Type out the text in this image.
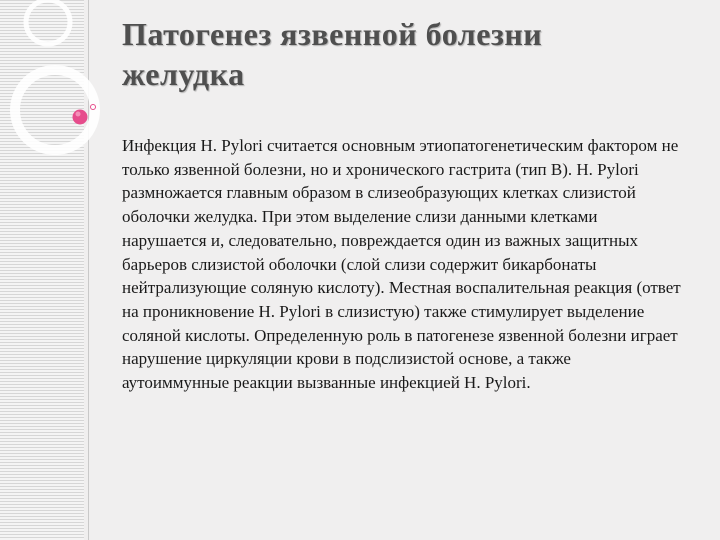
Патогенез язвенной болезни
желудка

Инфекция H. Pylori считается основным этиопатогенетическим фактором не только язвенной болезни, но и хронического гастрита (тип B). H. Pylori размножается главным образом в слизеобразующих клетках слизистой оболочки желудка. При этом выделение слизи данными клетками нарушается и, следовательно, повреждается один из важных защитных барьеров слизистой оболочки (слой слизи содержит бикарбонаты нейтрализующие соляную кислоту). Местная воспалительная реакция (ответ на проникновение H. Pylori в слизистую) также стимулирует выделение соляной кислоты. Определенную роль в патогенезе язвенной болезни играет нарушение циркуляции крови в подслизистой основе, а также аутоиммунные реакции вызванные инфекцией H. Pylori.
